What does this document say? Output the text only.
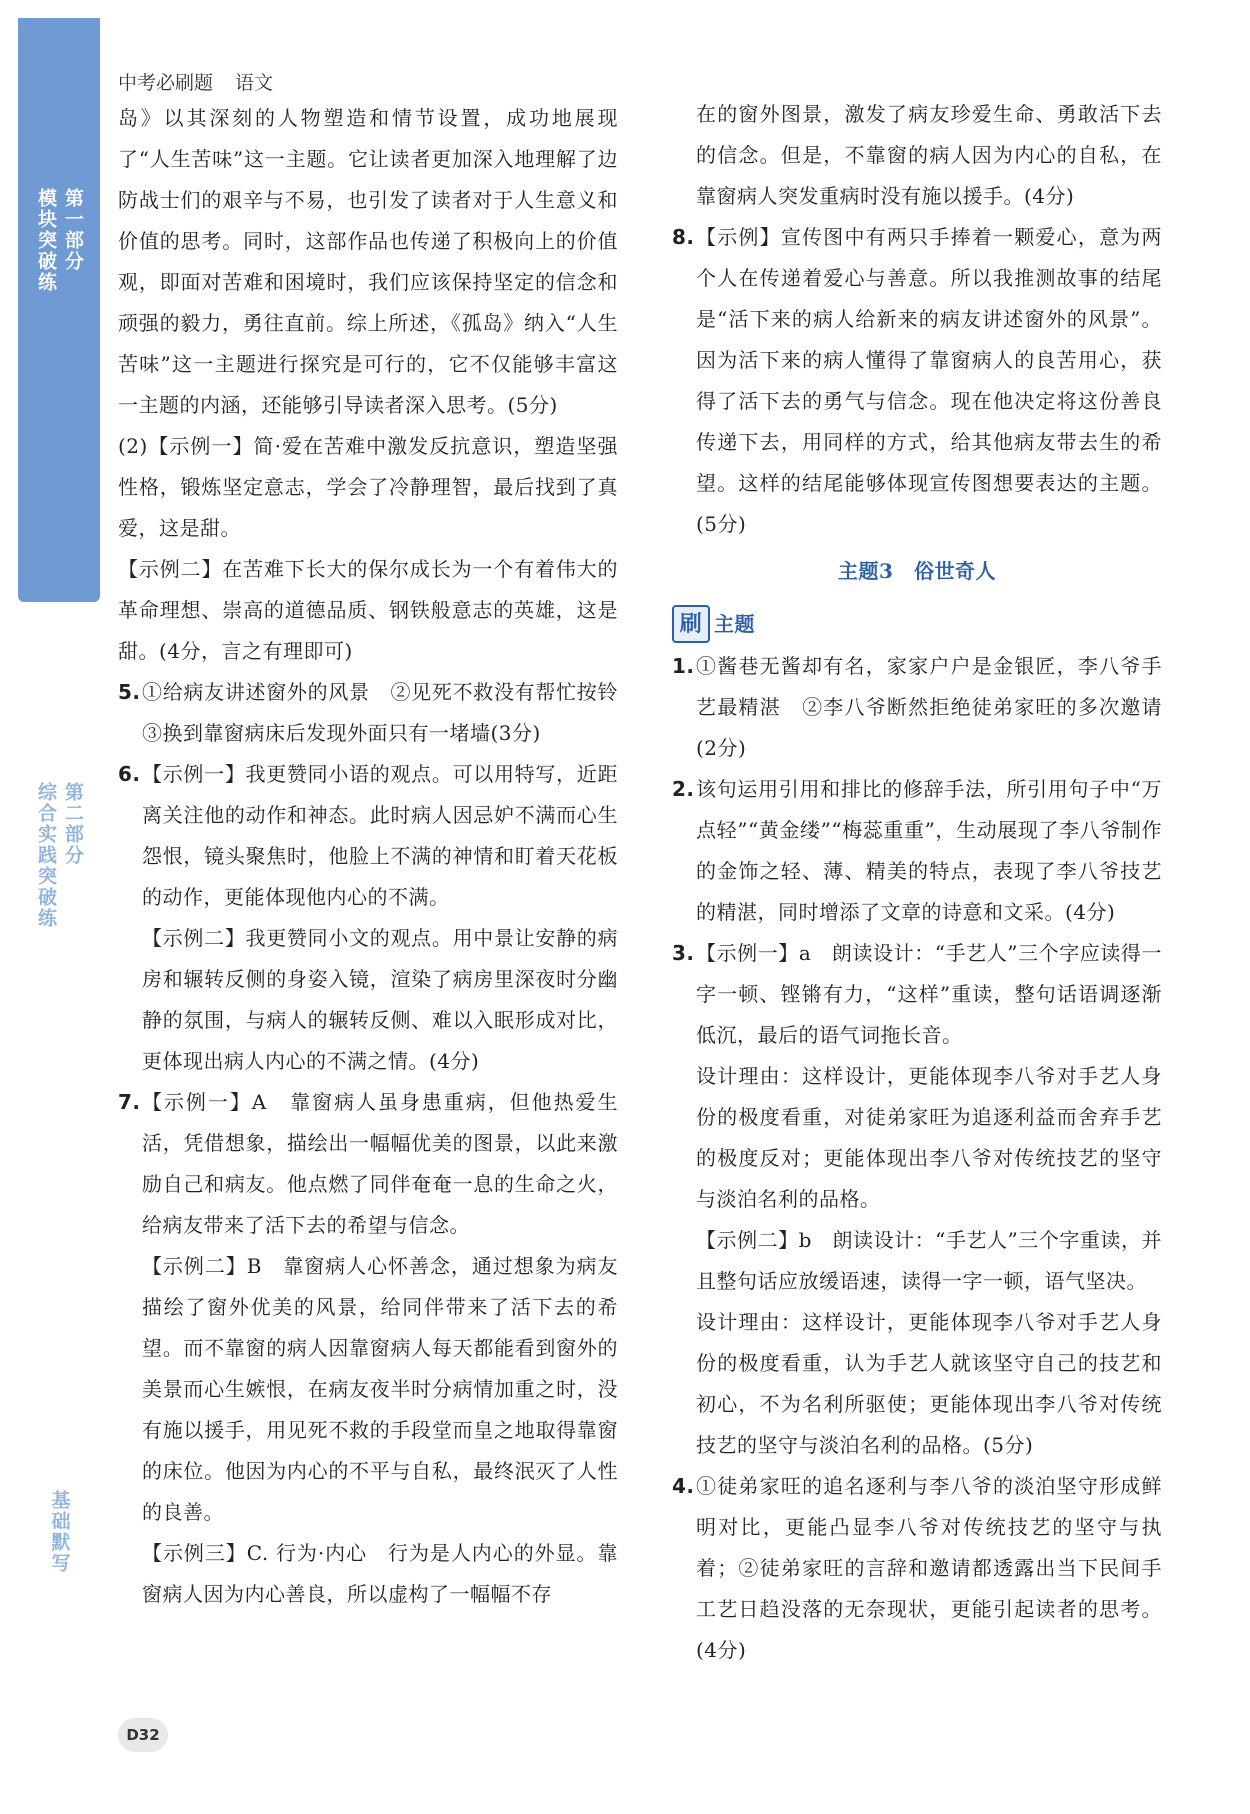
第一部分
模块突破练
第二部分
综合实践突破练
基础默写
中考必刷题 语文

岛》以其深刻的人物塑造和情节设置，成功地展现了“人生苦味”这一主题。它让读者更加深入地理解了边防战士们的艰辛与不易，也引发了读者对于人生意义和价值的思考。同时，这部作品也传递了积极向上的价值观，即面对苦难和困境时，我们应该保持坚定的信念和顽强的毅力，勇往直前。综上所述，《孤岛》纳入“人生苦味”这一主题进行探究是可行的，它不仅能够丰富这一主题的内涵，还能够引导读者深入思考。(5分)

(2)【示例一】简·爱在苦难中激发反抗意识，塑造坚强性格，锻炼坚定意志，学会了冷静理智，最后找到了真爱，这是甜。

【示例二】在苦难下长大的保尔成长为一个有着伟大的革命理想、崇高的道德品质、钢铁般意志的英雄，这是甜。(4分，言之有理即可)

5. ①给病友讲述窗外的风景　②见死不救没有帮忙按铃　③换到靠窗病床后发现外面只有一堵墙(3分)
6. 【示例一】我更赞同小语的观点。可以用特写，近距离关注他的动作和神态。此时病人因忌妒不满而心生怨恨，镜头聚焦时，他脸上不满的神情和盯着天花板的动作，更能体现他内心的不满。

【示例二】我更赞同小文的观点。用中景让安静的病房和辗转反侧的身姿入镜，渲染了病房里深夜时分幽静的氛围，与病人的辗转反侧、难以入眠形成对比，更体现出病人内心的不满之情。(4分)

7. 【示例一】A　靠窗病人虽身患重病，但他热爱生活，凭借想象，描绘出一幅幅优美的图景，以此来激励自己和病友。他点燃了同伴奄奄一息的生命之火，给病友带来了活下去的希望与信念。

【示例二】B　靠窗病人心怀善念，通过想象为病友描绘了窗外优美的风景，给同伴带来了活下去的希望。而不靠窗的病人因靠窗病人每天都能看到窗外的美景而心生嫉恨，在病友夜半时分病情加重之时，没有施以援手，用见死不救的手段堂而皇之地取得靠窗的床位。他因为内心的不平与自私，最终泯灭了人性的良善。

【示例三】C. 行为·内心　行为是人内心的外显。靠窗病人因为内心善良，所以虚构了一幅幅不存

在的窗外图景，激发了病友珍爱生命、勇敢活下去的信念。但是，不靠窗的病人因为内心的自私，在靠窗病人突发重病时没有施以援手。(4分)

8. 【示例】宣传图中有两只手捧着一颗爱心，意为两个人在传递着爱心与善意。所以我推测故事的结尾是“活下来的病人给新来的病友讲述窗外的风景”。因为活下来的病人懂得了靠窗病人的良苦用心，获得了活下去的勇气与信念。现在他决定将这份善良传递下去，用同样的方式，给其他病友带去生的希望。这样的结尾能够体现宣传图想要表达的主题。(5分)
主题3　俗世奇人
刷 主题
1. ①酱巷无酱却有名，家家户户是金银匠，李八爷手艺最精湛　②李八爷断然拒绝徒弟家旺的多次邀请(2分)
2. 该句运用引用和排比的修辞手法，所引用句子中“万点轻”“黄金缕”“梅蕊重重”，生动展现了李八爷制作的金饰之轻、薄、精美的特点，表现了李八爷技艺的精湛，同时增添了文章的诗意和文采。(4分)
3. 【示例一】a　朗读设计：“手艺人”三个字应读得一字一顿、铿锵有力，“这样”重读，整句话语调逐渐低沉，最后的语气词拖长音。

设计理由：这样设计，更能体现李八爷对手艺人身份的极度看重，对徒弟家旺为追逐利益而舍弃手艺的极度反对；更能体现出李八爷对传统技艺的坚守与淡泊名利的品格。

【示例二】b　朗读设计：“手艺人”三个字重读，并且整句话应放缓语速，读得一字一顿，语气坚决。

设计理由：这样设计，更能体现李八爷对手艺人身份的极度看重，认为手艺人就该坚守自己的技艺和初心，不为名利所驱使；更能体现出李八爷对传统技艺的坚守与淡泊名利的品格。(5分)

4. ①徒弟家旺的追名逐利与李八爷的淡泊坚守形成鲜明对比，更能凸显李八爷对传统技艺的坚守与执着；②徒弟家旺的言辞和邀请都透露出当下民间手工艺日趋没落的无奈现状，更能引起读者的思考。(4分)
D32
